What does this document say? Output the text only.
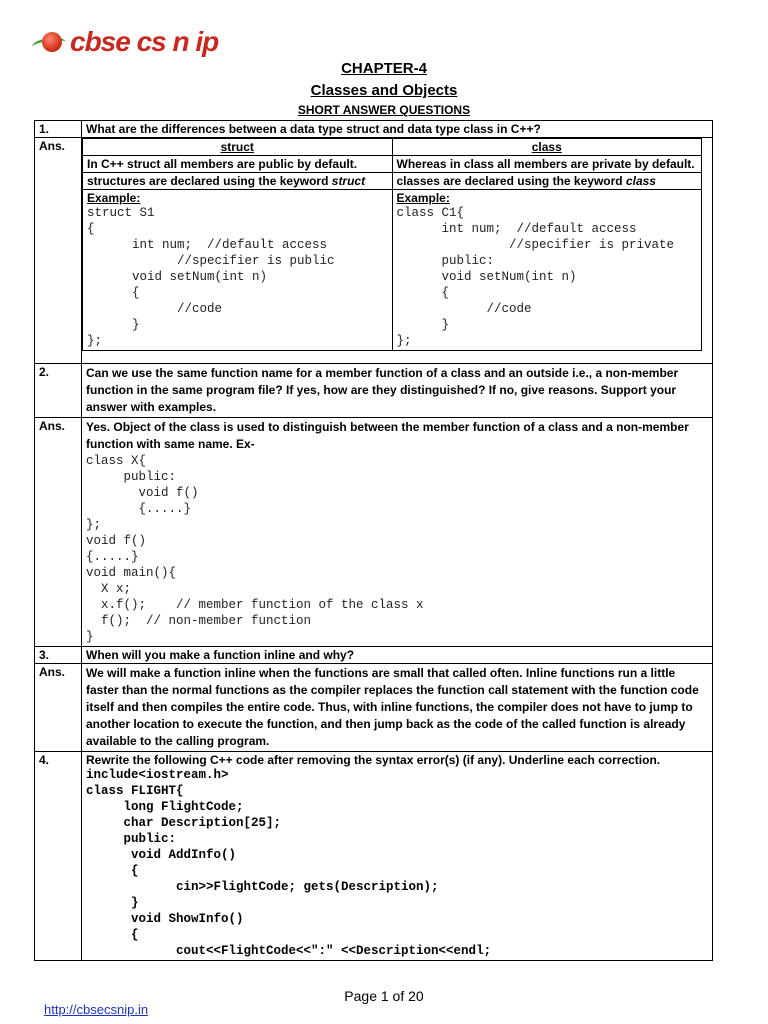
cbse cs n ip
CHAPTER-4
Classes and Objects
SHORT ANSWER QUESTIONS
1.	What are the differences between a data type struct and data type class in C++?
Ans.		struct	class
In C++ struct all members are public by default.	Whereas in class all members are private by default.
structures are declared using the keyword struct	classes are declared using the keyword class

Example:
struct S1
{
int num;  //default access
//specifier is public
void setNum(int n)
{
//code
}
};

Example:
class C1{
int num;  //default access
//specifier is private
public:
void setNum(int n)
{
//code
}
};

2.	Can we use the same function name for a member function of a class and an outside i.e., a non-member function in the same program file? If yes, how are they distinguished? If no, give reasons. Support your answer with examples.
Ans.	Yes. Object of the class is used to distinguish between the member function of a class and a non-member function with same name. Ex-
class X{
public:
void f()
{.....}
};
void f()
{.....}
void main(){
X x;
x.f();    // member function of the class x
f();  // non-member function
}

3.	When will you make a function inline and why?
Ans.	We will make a function inline when the functions are small that called often. Inline functions run a little faster than the normal functions as the compiler replaces the function call statement with the function code itself and then compiles the entire code. Thus, with inline functions, the compiler does not have to jump to another location to execute the function, and then jump back as the code of the called function is already available to the calling program.
4.	Rewrite the following C++ code after removing the syntax error(s) (if any). Underline each correction.
include<iostream.h>
class FLIGHT{
long FlightCode;
char Description[25];
public:
void AddInfo()
{
cin>>FlightCode; gets(Description);
}
void ShowInfo()
{
cout<<FlightCode<<":" <<Description<<endl;
Page 1 of 20
http://cbsecsnip.in
